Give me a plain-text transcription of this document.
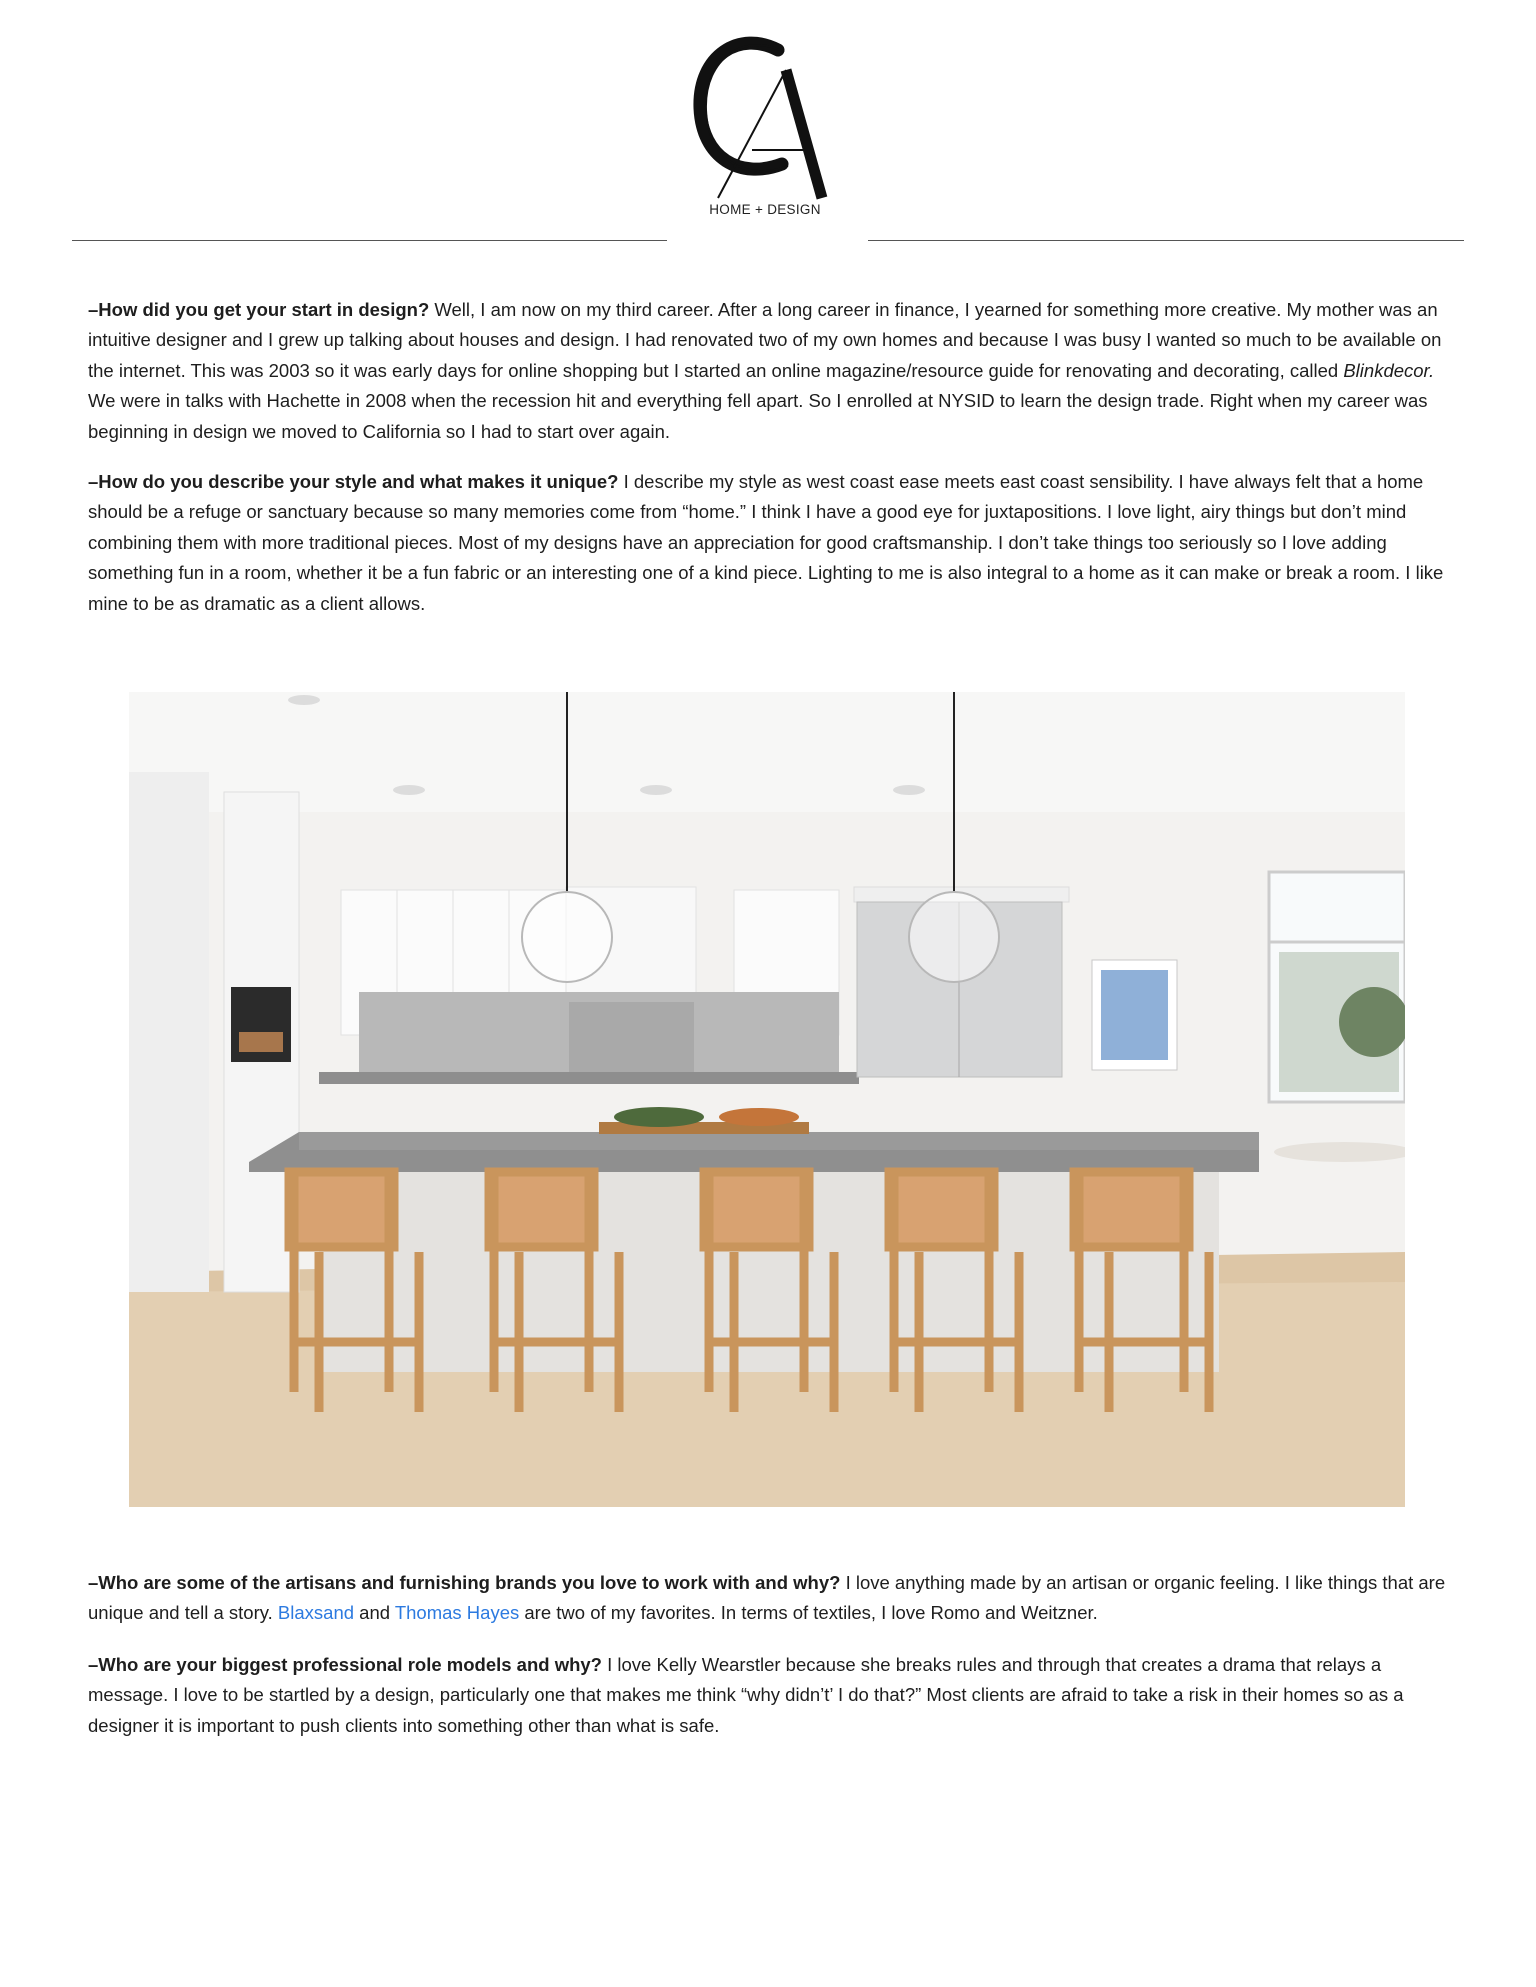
HOME + DESIGN

–How did you get your start in design? Well, I am now on my third career. After a long career in finance, I yearned for something more creative. My mother was an intuitive designer and I grew up talking about houses and design. I had renovated two of my own homes and because I was busy I wanted so much to be available on the internet. This was 2003 so it was early days for online shopping but I started an online magazine/resource guide for renovating and decorating, called Blinkdecor. We were in talks with Hachette in 2008 when the recession hit and everything fell apart. So I enrolled at NYSID to learn the design trade. Right when my career was beginning in design we moved to California so I had to start over again.

–How do you describe your style and what makes it unique? I describe my style as west coast ease meets east coast sensibility. I have always felt that a home should be a refuge or sanctuary because so many memories come from “home.” I think I have a good eye for juxtapositions. I love light, airy things but don’t mind combining them with more traditional pieces. Most of my designs have an appreciation for good craftsmanship. I don’t take things too seriously so I love adding something fun in a room, whether it be a fun fabric or an interesting one of a kind piece. Lighting to me is also integral to a home as it can make or break a room. I like mine to be as dramatic as a client allows.

–Who are some of the artisans and furnishing brands you love to work with and why? I love anything made by an artisan or organic feeling. I like things that are unique and tell a story. Blaxsand and Thomas Hayes are two of my favorites. In terms of textiles, I love Romo and Weitzner.

–Who are your biggest professional role models and why? I love Kelly Wearstler because she breaks rules and through that creates a drama that relays a message. I love to be startled by a design, particularly one that makes me think “why didn’t’ I do that?” Most clients are afraid to take a risk in their homes so as a designer it is important to push clients into something other than what is safe.
